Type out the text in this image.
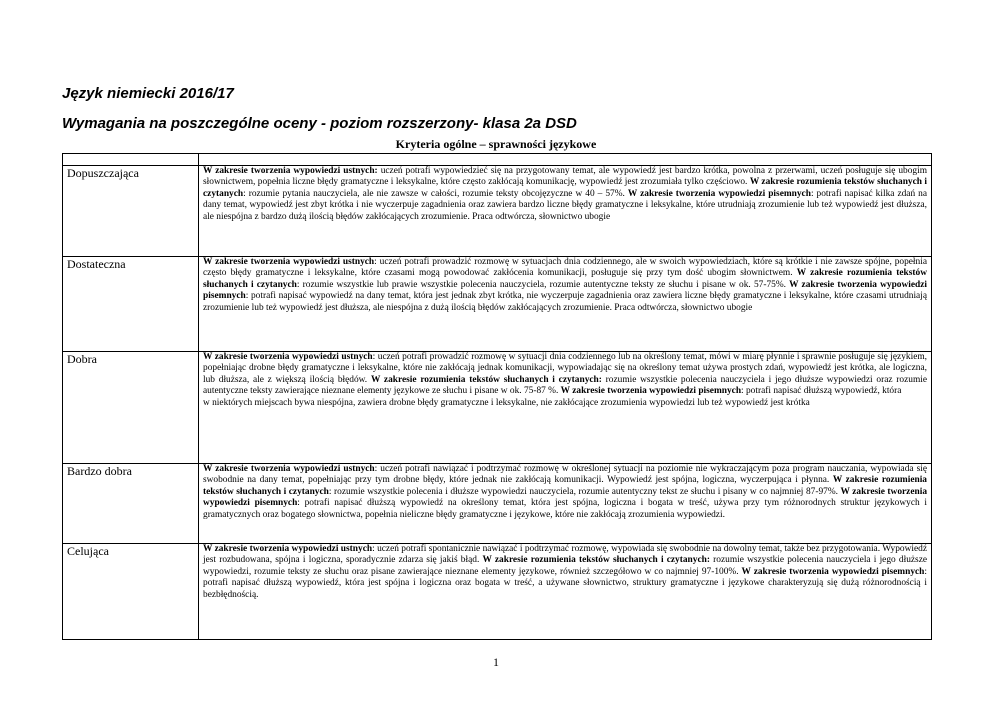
Język niemiecki 2016/17

Wymagania na poszczególne oceny - poziom rozszerzony- klasa 2a DSD

Kryteria ogólne – sprawności językowe

Dopuszczająca	W zakresie tworzenia wypowiedzi ustnych: uczeń potrafi wypowiedzieć się na przygotowany temat, ale wypowiedź jest bardzo krótka, powolna z przerwami, uczeń posługuje się ubogim słownictwem, popełnia liczne błędy gramatyczne i leksykalne, które często zakłócają komunikację, wypowiedź jest zrozumiała tylko częściowo. W zakresie rozumienia tekstów słuchanych i czytanych: rozumie pytania nauczyciela, ale nie zawsze w całości, rozumie teksty obcojęzyczne w 40 – 57%. W zakresie tworzenia wypowiedzi pisemnych: potrafi napisać kilka zdań na dany temat, wypowiedź jest zbyt krótka i nie wyczerpuje zagadnienia oraz zawiera bardzo liczne błędy gramatyczne i leksykalne, które utrudniają zrozumienie lub też wypowiedź jest dłuższa, ale niespójna z bardzo dużą ilością błędów zakłócających zrozumienie. Praca odtwórcza, słownictwo ubogie
Dostateczna	W zakresie tworzenia wypowiedzi ustnych: uczeń potrafi prowadzić rozmowę w sytuacjach dnia codziennego, ale w swoich wypowiedziach, które są krótkie i nie zawsze spójne, popełnia często błędy gramatyczne i leksykalne, które czasami mogą powodować zakłócenia komunikacji, posługuje się przy tym dość ubogim słownictwem. W zakresie rozumienia tekstów słuchanych i czytanych: rozumie wszystkie lub prawie wszystkie polecenia nauczyciela, rozumie autentyczne teksty ze słuchu i pisane w ok. 57-75%. W zakresie tworzenia wypowiedzi pisemnych: potrafi napisać wypowiedź na dany temat, która jest jednak zbyt krótka, nie wyczerpuje zagadnienia oraz zawiera liczne błędy gramatyczne i leksykalne, które czasami utrudniają zrozumienie lub też wypowiedź jest dłuższa, ale niespójna z dużą ilością błędów zakłócających zrozumienie. Praca odtwórcza, słownictwo ubogie
Dobra	W zakresie tworzenia wypowiedzi ustnych: uczeń potrafi prowadzić rozmowę w sytuacji dnia codziennego lub na określony temat, mówi w miarę płynnie i sprawnie posługuje się językiem, popełniając drobne błędy gramatyczne i leksykalne, które nie zakłócają jednak komunikacji, wypowiadając się na określony temat używa prostych zdań, wypowiedź jest krótka, ale logiczna, lub dłuższa, ale z większą ilością błędów. W zakresie rozumienia tekstów słuchanych i czytanych: rozumie wszystkie polecenia nauczyciela i jego dłuższe wypowiedzi oraz rozumie autentyczne teksty zawierające nieznane elementy językowe ze słuchu i pisane w ok. 75-87 %. W zakresie tworzenia wypowiedzi pisemnych: potrafi napisać dłuższą wypowiedź, która
w niektórych miejscach bywa niespójna, zawiera drobne błędy gramatyczne i leksykalne, nie zakłócające zrozumienia wypowiedzi lub też wypowiedź jest krótka
Bardzo dobra	W zakresie tworzenia wypowiedzi ustnych: uczeń potrafi nawiązać i podtrzymać rozmowę w określonej sytuacji na poziomie nie wykraczającym poza program nauczania, wypowiada się swobodnie na dany temat, popełniając przy tym drobne błędy, które jednak nie zakłócają komunikacji. Wypowiedź jest spójna, logiczna, wyczerpująca i płynna. W zakresie rozumienia tekstów słuchanych i czytanych: rozumie wszystkie polecenia i dłuższe wypowiedzi nauczyciela, rozumie autentyczny tekst ze słuchu i pisany w co najmniej 87-97%. W zakresie tworzenia wypowiedzi pisemnych: potrafi napisać dłuższą wypowiedź na określony temat, która jest spójna, logiczna i bogata w treść, używa przy tym różnorodnych struktur językowych i gramatycznych oraz bogatego słownictwa, popełnia nieliczne błędy gramatyczne i językowe, które nie zakłócają zrozumienia wypowiedzi.
Celująca	W zakresie tworzenia wypowiedzi ustnych: uczeń potrafi spontanicznie nawiązać i podtrzymać rozmowę, wypowiada się swobodnie na dowolny temat, także bez przygotowania. Wypowiedź jest rozbudowana, spójna i logiczna, sporadycznie zdarza się jakiś błąd. W zakresie rozumienia tekstów słuchanych i czytanych: rozumie wszystkie polecenia nauczyciela i jego dłuższe wypowiedzi, rozumie teksty ze słuchu oraz pisane zawierające nieznane elementy językowe, również szczegółowo w co najmniej 97-100%. W zakresie tworzenia wypowiedzi pisemnych: potrafi napisać dłuższą wypowiedź, która jest spójna i logiczna oraz bogata w treść, a używane słownictwo, struktury gramatyczne i językowe charakteryzują się dużą różnorodnością i bezbłędnością.
1
